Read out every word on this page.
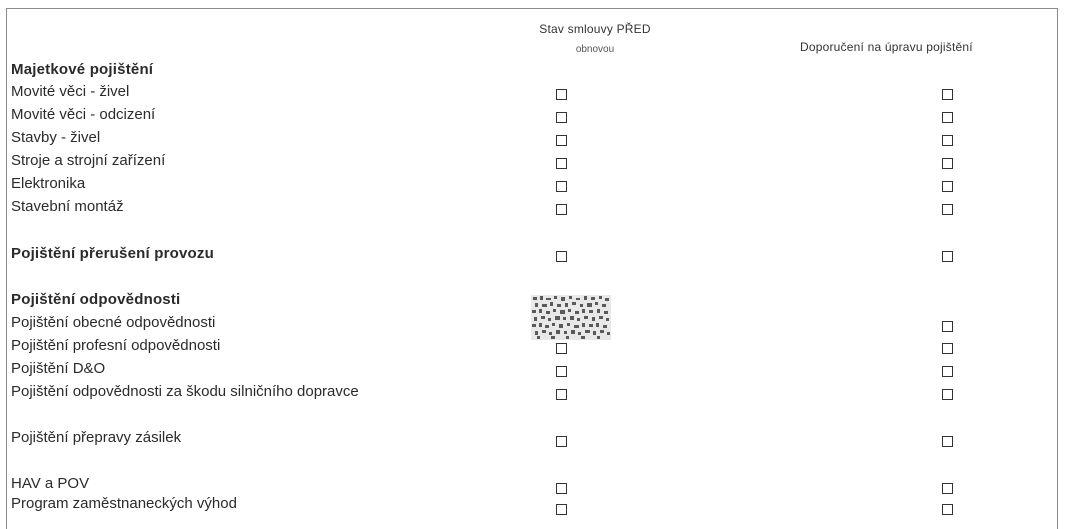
Stav smlouvy PŘED
obnovou	Doporučení na úpravu pojištění
Majetkové pojištění
Movité věci - živel
Movité věci - odcizení
Stavby - živel
Stroje a strojní zařízení
Elektronika
Stavební montáž
Pojištění přerušení provozu
Pojištění odpovědnosti
Pojištění obecné odpovědnosti
Pojištění profesní odpovědnosti
Pojištění D&O
Pojištění odpovědnosti za škodu silničního dopravce
Pojištění přepravy zásilek
HAV a POV
Program zaměstnaneckých výhod
